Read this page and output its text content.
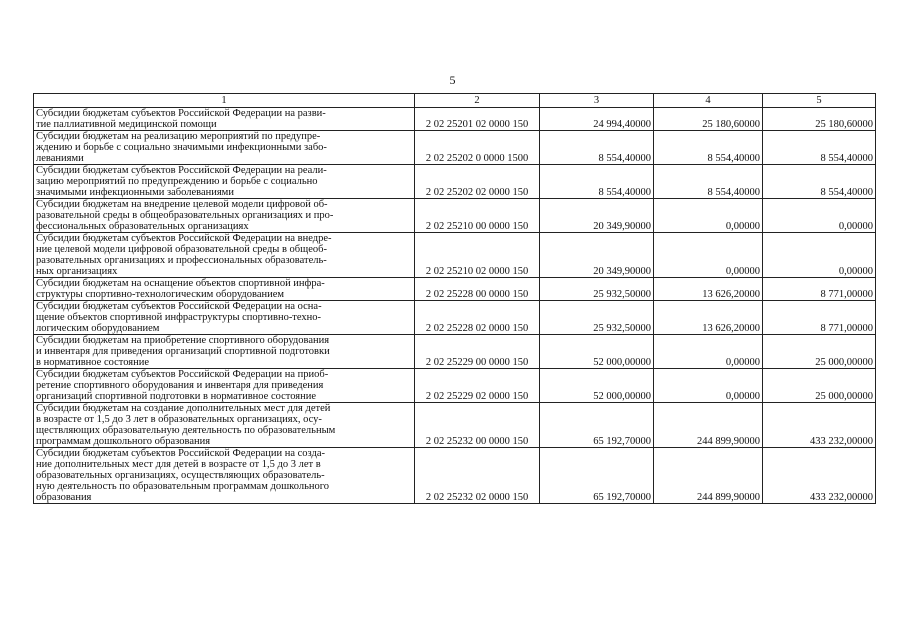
5
1	2	3	4	5
Субсидии бюджетам субъектов Российской Федерации на разви-
тие паллиативной медицинской помощи	2 02 25201 02 0000 150	24 994,40000	25 180,60000	25 180,60000
Субсидии бюджетам на реализацию мероприятий по предупре-
ждению и борьбе с социально значимыми инфекционными забо-
леваниями	2 02 25202 0 0000 1500	8 554,40000	8 554,40000	8 554,40000
Субсидии бюджетам субъектов Российской Федерации на реали-
зацию мероприятий по предупреждению и борьбе с социально
значимыми инфекционными заболеваниями	2 02 25202 02 0000 150	8 554,40000	8 554,40000	8 554,40000
Субсидии бюджетам на внедрение целевой модели цифровой об-
разовательной среды в общеобразовательных организациях и про-
фессиональных образовательных организациях	2 02 25210 00 0000 150	20 349,90000	0,00000	0,00000
Субсидии бюджетам субъектов Российской Федерации на внедре-
ние целевой модели цифровой образовательной среды в общеоб-
разовательных организациях и профессиональных образователь-
ных организациях	2 02 25210 02 0000 150	20 349,90000	0,00000	0,00000
Субсидии бюджетам на оснащение объектов спортивной инфра-
структуры спортивно-технологическим оборудованием	2 02 25228 00 0000 150	25 932,50000	13 626,20000	8 771,00000
Субсидии бюджетам субъектов Российской Федерации на осна-
щение объектов спортивной инфраструктуры спортивно-техно-
логическим оборудованием	2 02 25228 02 0000 150	25 932,50000	13 626,20000	8 771,00000
Субсидии бюджетам на приобретение спортивного оборудования
и инвентаря для приведения организаций спортивной подготовки
в нормативное состояние	2 02 25229 00 0000 150	52 000,00000	0,00000	25 000,00000
Субсидии бюджетам субъектов Российской Федерации на приоб-
ретение спортивного оборудования и инвентаря для приведения
организаций спортивной подготовки в нормативное состояние	2 02 25229 02 0000 150	52 000,00000	0,00000	25 000,00000
Субсидии бюджетам на создание дополнительных мест для детей
в возрасте от 1,5 до 3 лет в образовательных организациях, осу-
ществляющих образовательную деятельность по образовательным
программам дошкольного образования	2 02 25232 00 0000 150	65 192,70000	244 899,90000	433 232,00000
Субсидии бюджетам субъектов Российской Федерации на созда-
ние дополнительных мест для детей в возрасте от 1,5 до 3 лет в
образовательных организациях, осуществляющих образователь-
ную деятельность по образовательным программам дошкольного
образования	2 02 25232 02 0000 150	65 192,70000	244 899,90000	433 232,00000
